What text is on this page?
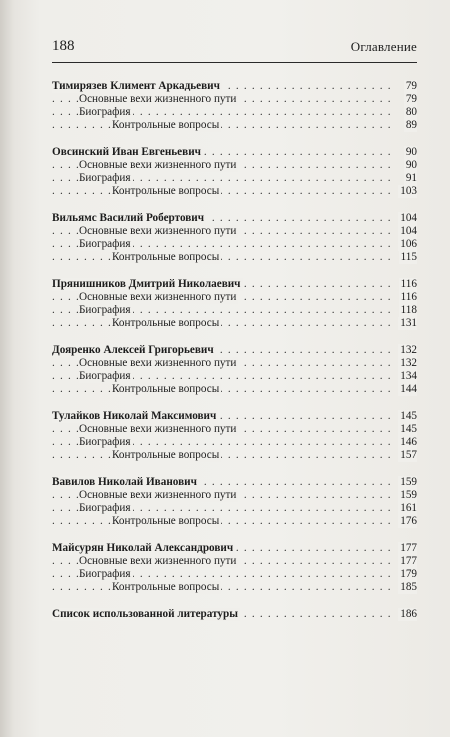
188	Оглавление
. . .
Тимирязев Климент Аркадьевич	79
. . .
Основные вехи жизненного пути	79
. . .
Биография	80
. . .
Контрольные вопросы	89
. . .
Овсинский Иван Евгеньевич	90
. . .
Основные вехи жизненного пути	90
. . .
Биография	91
. . .
Контрольные вопросы	103
. . .
Вильямс Василий Робертович	104
. . .
Основные вехи жизненного пути	104
. . .
Биография	106
. . .
Контрольные вопросы	115
. . .
Прянишников Дмитрий Николаевич	116
. . .
Основные вехи жизненного пути	116
. . .
Биография	118
. . .
Контрольные вопросы	131
. . .
Дояренко Алексей Григорьевич	132
. . .
Основные вехи жизненного пути	132
. . .
Биография	134
. . .
Контрольные вопросы	144
. . .
Тулайков Николай Максимович	145
. . .
Основные вехи жизненного пути	145
. . .
Биография	146
. . .
Контрольные вопросы	157
. . .
Вавилов Николай Иванович	159
. . .
Основные вехи жизненного пути	159
. . .
Биография	161
. . .
Контрольные вопросы	176
. . .
Майсурян Николай Александрович	177
. . .
Основные вехи жизненного пути	177
. . .
Биография	179
. . .
Контрольные вопросы	185
. . .
Список использованной литературы	186
